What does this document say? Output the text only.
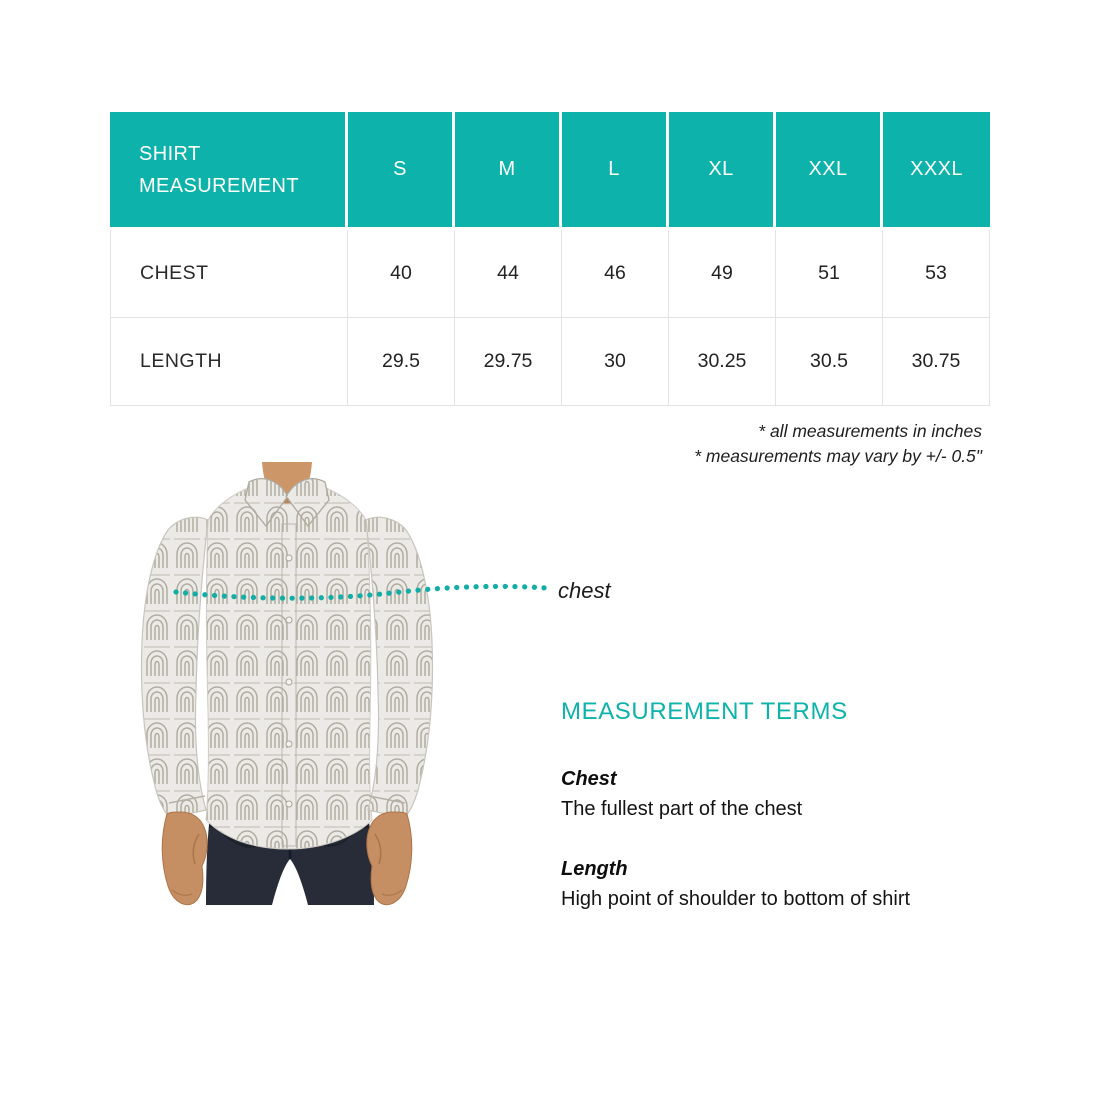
SHIRT MEASUREMENT	S	M	L	XL	XXL	XXXL
CHEST	40	44	46	49	51	53
LENGTH	29.5	29.75	30	30.25	30.5	30.75
* all measurements in inches
* measurements may vary by +/- 0.5"
chest
MEASUREMENT TERMS

Chest

The fullest part of the chest

Length

High point of shoulder to bottom of shirt
